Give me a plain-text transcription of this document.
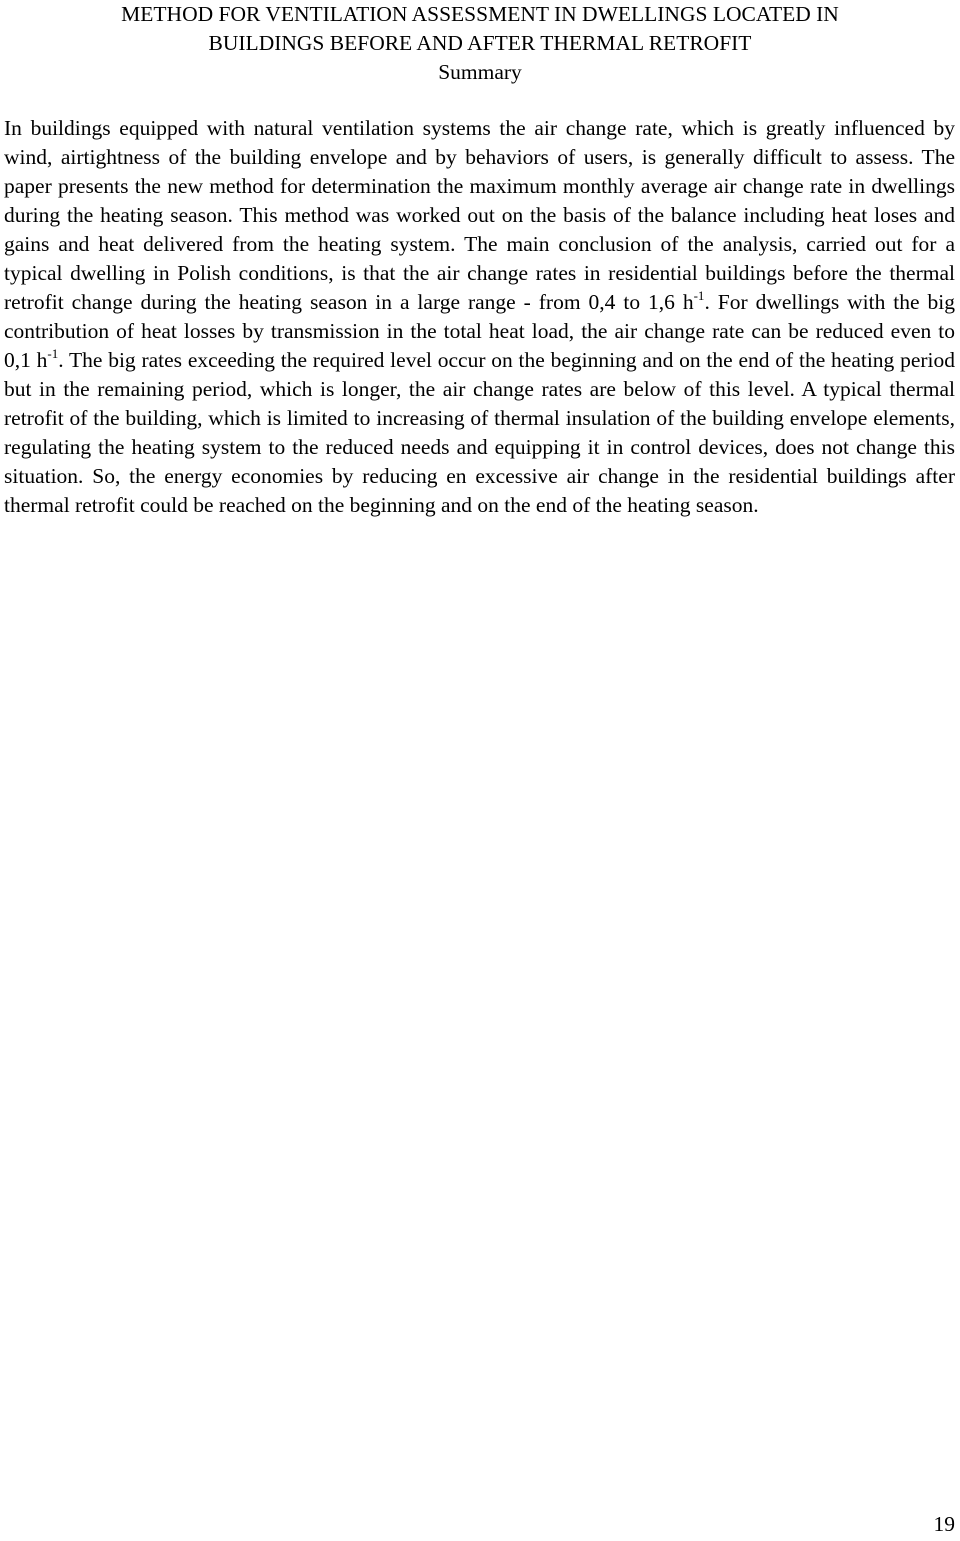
METHOD FOR VENTILATION ASSESSMENT IN DWELLINGS LOCATED IN
BUILDINGS BEFORE AND AFTER THERMAL RETROFIT
Summary

In buildings equipped with natural ventilation systems the air change rate, which is greatly influenced by wind, airtightness of the building envelope and by behaviors of users, is generally difficult to assess. The paper presents the new method for determination the maximum monthly average air change rate in dwellings during the heating season. This method was worked out on the basis of the balance including heat loses and gains and heat delivered from the heating system. The main conclusion of the analysis, carried out for a typical dwelling in Polish conditions, is that the air change rates in residential buildings before the thermal retrofit change during the heating season in a large range - from 0,4 to 1,6 $h^{-1}$. For dwellings with the big contribution of heat losses by transmission in the total heat load, the air change rate can be reduced even to 0,1 $h^{-1}$. The big rates exceeding the required level occur on the beginning and on the end of the heating period but in the remaining period, which is longer, the air change rates are below of this level. A typical thermal retrofit of the building, which is limited to increasing of thermal insulation of the building envelope elements, regulating the heating system to the reduced needs and equipping it in control devices, does not change this situation. So, the energy economies by reducing en excessive air change in the residential buildings after thermal retrofit could be reached on the beginning and on the end of the heating season.

19
